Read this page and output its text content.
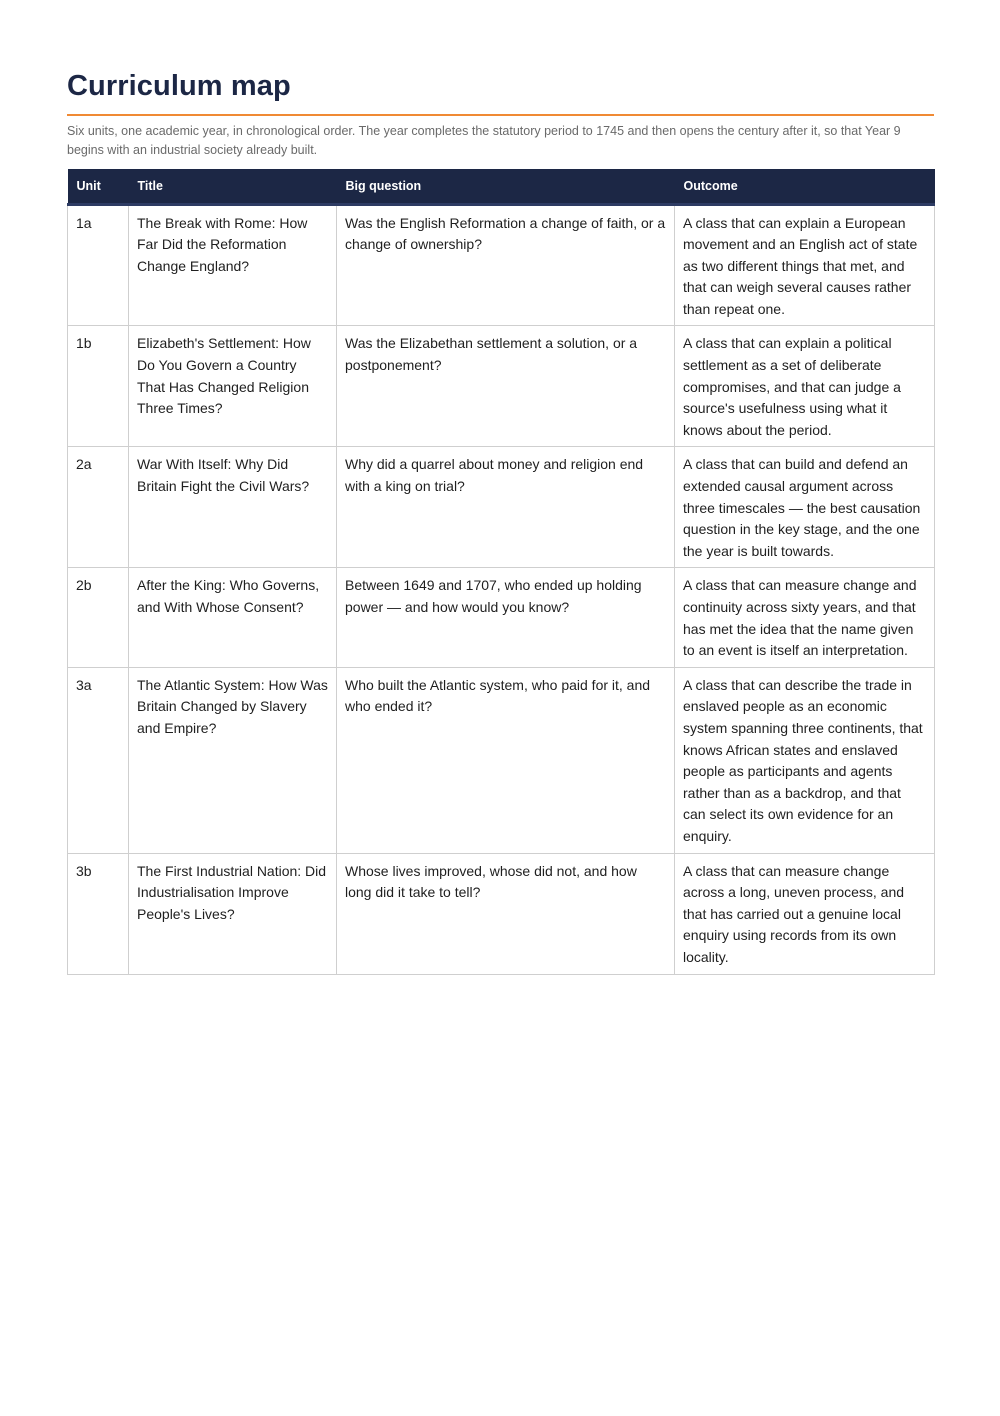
Curriculum map

Six units, one academic year, in chronological order. The year completes the statutory period to 1745 and then opens the century after it, so that Year 9 begins with an industrial society already built.

Unit	Title	Big question	Outcome
1a	The Break with Rome: How Far Did the Reformation Change England?	Was the English Reformation a change of faith, or a change of ownership?	A class that can explain a European movement and an English act of state as two different things that met, and that can weigh several causes rather than repeat one.
1b	Elizabeth's Settlement: How Do You Govern a Country That Has Changed Religion Three Times?	Was the Elizabethan settlement a solution, or a postponement?	A class that can explain a political settlement as a set of deliberate compromises, and that can judge a source's usefulness using what it knows about the period.
2a	War With Itself: Why Did Britain Fight the Civil Wars?	Why did a quarrel about money and religion end with a king on trial?	A class that can build and defend an extended causal argument across three timescales — the best causation question in the key stage, and the one the year is built towards.
2b	After the King: Who Governs, and With Whose Consent?	Between 1649 and 1707, who ended up holding power — and how would you know?	A class that can measure change and continuity across sixty years, and that has met the idea that the name given to an event is itself an interpretation.
3a	The Atlantic System: How Was Britain Changed by Slavery and Empire?	Who built the Atlantic system, who paid for it, and who ended it?	A class that can describe the trade in enslaved people as an economic system spanning three continents, that knows African states and enslaved people as participants and agents rather than as a backdrop, and that can select its own evidence for an enquiry.
3b	The First Industrial Nation: Did Industrialisation Improve People's Lives?	Whose lives improved, whose did not, and how long did it take to tell?	A class that can measure change across a long, uneven process, and that has carried out a genuine local enquiry using records from its own locality.
